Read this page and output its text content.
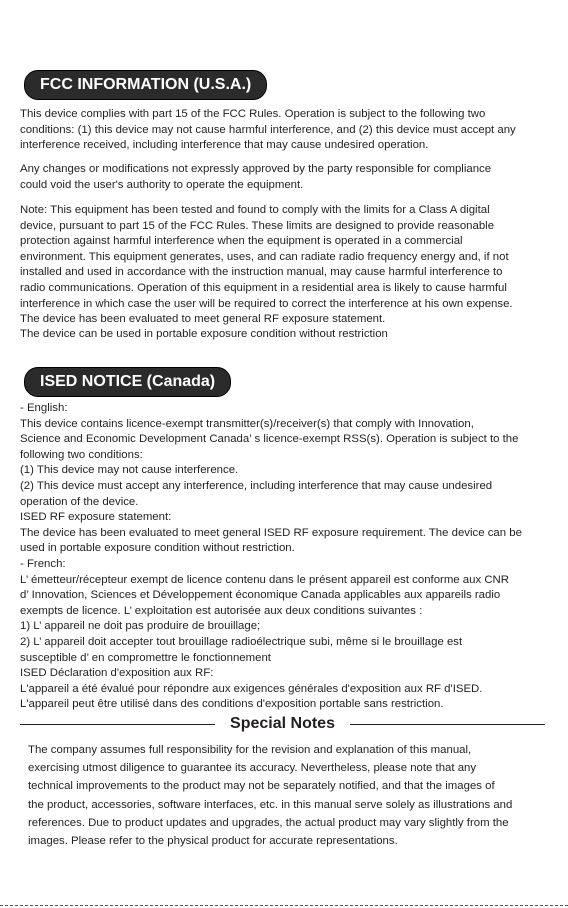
FCC INFORMATION (U.S.A.)

This device complies with part 15 of the FCC Rules. Operation is subject to the following two
conditions: (1) this device may not cause harmful interference, and (2) this device must accept any
interference received, including interference that may cause undesired operation.

Any changes or modifications not expressly approved by the party responsible for compliance
could void the user's authority to operate the equipment.

Note: This equipment has been tested and found to comply with the limits for a Class A digital
device, pursuant to part 15 of the FCC Rules. These limits are designed to provide reasonable
protection against harmful interference when the equipment is operated in a commercial
environment. This equipment generates, uses, and can radiate radio frequency energy and, if not
installed and used in accordance with the instruction manual, may cause harmful interference to
radio communications. Operation of this equipment in a residential area is likely to cause harmful
interference in which case the user will be required to correct the interference at his own expense.
The device has been evaluated to meet general RF exposure statement.

The device can be used in portable exposure condition without restriction

ISED NOTICE (Canada)
- English:
This device contains licence-exempt transmitter(s)/receiver(s) that comply with Innovation,
Science and Economic Development Canada’ s licence-exempt RSS(s). Operation is subject to the
following two conditions:
(1) This device may not cause interference.
(2) This device must accept any interference, including interference that may cause undesired
operation of the device.
ISED RF exposure statement:
The device has been evaluated to meet general ISED RF exposure requirement. The device can be
used in portable exposure condition without restriction.
- French:
L’ émetteur/récepteur exempt de licence contenu dans le présent appareil est conforme aux CNR
d’ Innovation, Sciences et Développement économique Canada applicables aux appareils radio
exempts de licence. L’ exploitation est autorisée aux deux conditions suivantes :
1) L’ appareil ne doit pas produire de brouillage;
2) L’ appareil doit accepter tout brouillage radioélectrique subi, même si le brouillage est
susceptible d’ en compromettre le fonctionnement
ISED Déclaration d'exposition aux RF:
L'appareil a été évalué pour répondre aux exigences générales d'exposition aux RF d'ISED.
L'appareil peut être utilisé dans des conditions d'exposition portable sans restriction.
Special Notes
The company assumes full responsibility for the revision and explanation of this manual,
exercising utmost diligence to guarantee its accuracy. Nevertheless, please note that any
technical improvements to the product may not be separately notified, and that the images of
the product, accessories, software interfaces, etc. in this manual serve solely as illustrations and
references. Due to product updates and upgrades, the actual product may vary slightly from the
images. Please refer to the physical product for accurate representations.
